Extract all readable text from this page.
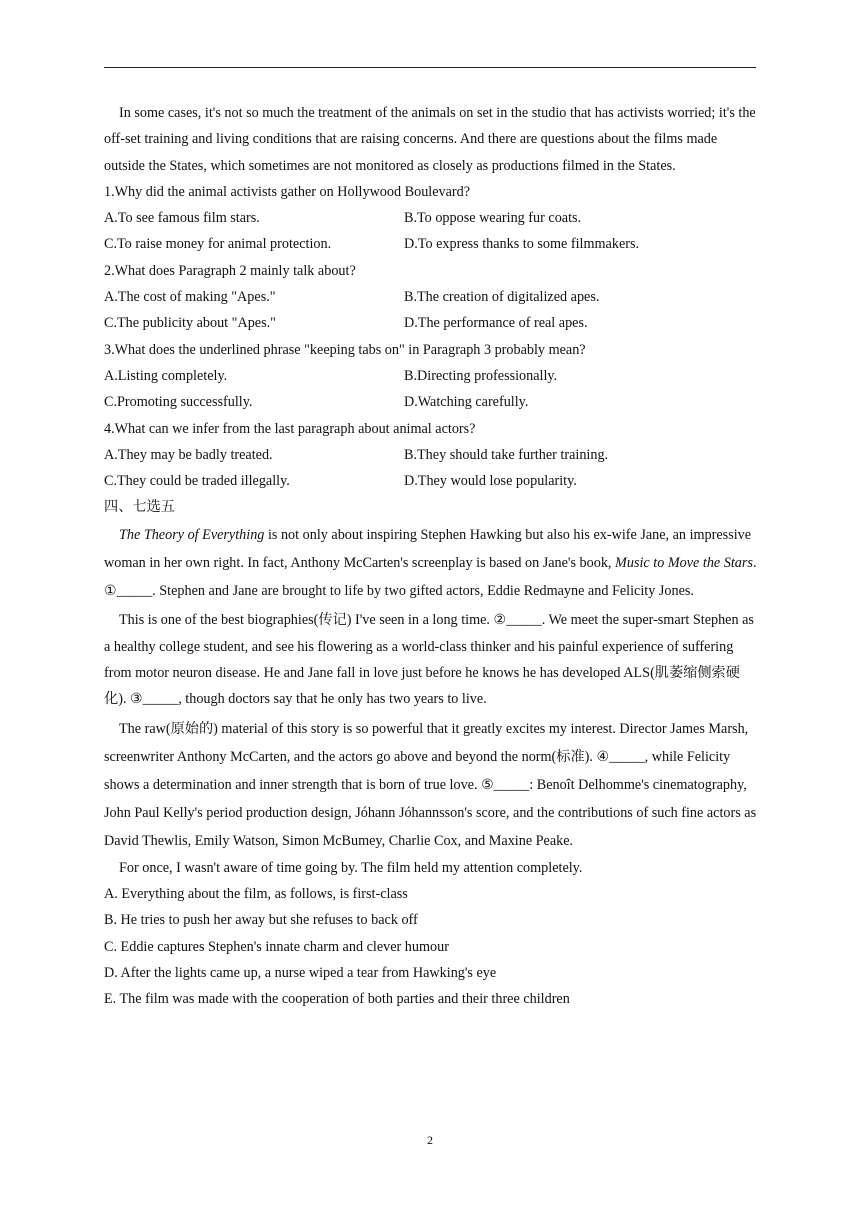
In some cases, it's not so much the treatment of the animals on set in the studio that has activists worried; it's the off-set training and living conditions that are raising concerns. And there are questions about the films made outside the States, which sometimes are not monitored as closely as productions filmed in the States.

1.Why did the animal activists gather on Hollywood Boulevard?
A.To see famous film stars.	B.To oppose wearing fur coats.
C.To raise money for animal protection.	D.To express thanks to some filmmakers.
2.What does Paragraph 2 mainly talk about?
A.The cost of making "Apes."	B.The creation of digitalized apes.
C.The publicity about "Apes."	D.The performance of real apes.
3.What does the underlined phrase "keeping tabs on" in Paragraph 3 probably mean?
A.Listing completely.	B.Directing professionally.
C.Promoting successfully.	D.Watching carefully.
4.What can we infer from the last paragraph about animal actors?
A.They may be badly treated.	B.They should take further training.
C.They could be traded illegally.	D.They would lose popularity.
四、七选五

The Theory of Everything is not only about inspiring Stephen Hawking but also his ex-wife Jane, an impressive woman in her own right. In fact, Anthony McCarten's screenplay is based on Jane's book, Music to Move the Stars. ①_____. Stephen and Jane are brought to life by two gifted actors, Eddie Redmayne and Felicity Jones.

This is one of the best biographies(传记) I've seen in a long time. ②_____. We meet the super-smart Stephen as a healthy college student, and see his flowering as a world-class thinker and his painful experience of suffering from motor neuron disease. He and Jane fall in love just before he knows he has developed ALS(肌萎缩侧索硬化). ③_____, though doctors say that he only has two years to live.

The raw(原始的) material of this story is so powerful that it greatly excites my interest. Director James Marsh, screenwriter Anthony McCarten, and the actors go above and beyond the norm(标准). ④_____, while Felicity shows a determination and inner strength that is born of true love. ⑤_____: Benoît Delhomme's cinematography, John Paul Kelly's period production design, Jóhann Jóhannsson's score, and the contributions of such fine actors as David Thewlis, Emily Watson, Simon McBumey, Charlie Cox, and Maxine Peake.

For once, I wasn't aware of time going by. The film held my attention completely.

A. Everything about the film, as follows, is first-class
B. He tries to push her away but she refuses to back off
C. Eddie captures Stephen's innate charm and clever humour
D. After the lights came up, a nurse wiped a tear from Hawking's eye
E. The film was made with the cooperation of both parties and their three children
2
